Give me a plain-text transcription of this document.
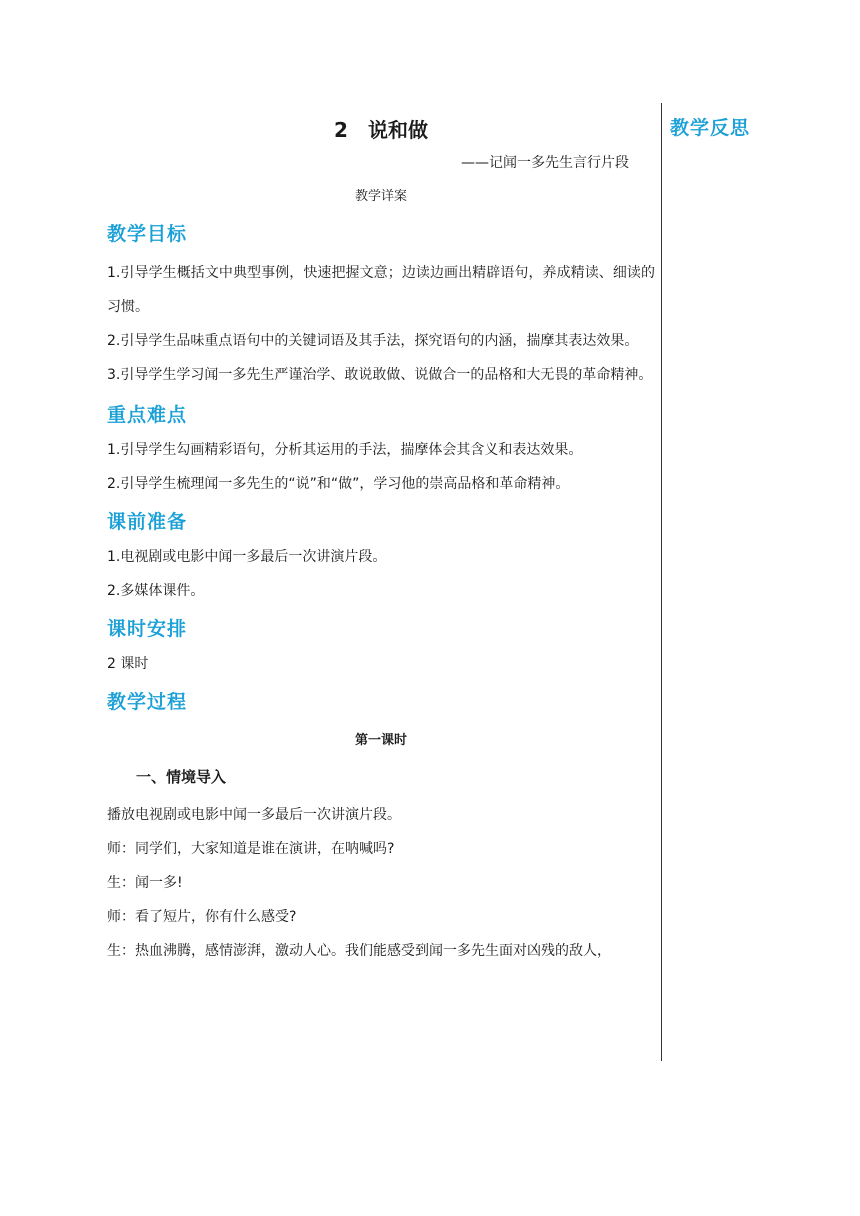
教学反思
2　说和做
——记闻一多先生言行片段
教学详案
教学目标
1.引导学生概括文中典型事例，快速把握文意；边读边画出精辟语句，养成精读、细读的习惯。
2.引导学生品味重点语句中的关键词语及其手法，探究语句的内涵，揣摩其表达效果。
3.引导学生学习闻一多先生严谨治学、敢说敢做、说做合一的品格和大无畏的革命精神。
重点难点
1.引导学生勾画精彩语句，分析其运用的手法，揣摩体会其含义和表达效果。
2.引导学生梳理闻一多先生的“说”和“做”，学习他的崇高品格和革命精神。
课前准备
1.电视剧或电影中闻一多最后一次讲演片段。
2.多媒体课件。
课时安排
2 课时
教学过程
第一课时
一、情境导入
播放电视剧或电影中闻一多最后一次讲演片段。
师：同学们，大家知道是谁在演讲，在呐喊吗?
生：闻一多!
师：看了短片，你有什么感受?
生：热血沸腾，感情澎湃，激动人心。我们能感受到闻一多先生面对凶残的敌人，
